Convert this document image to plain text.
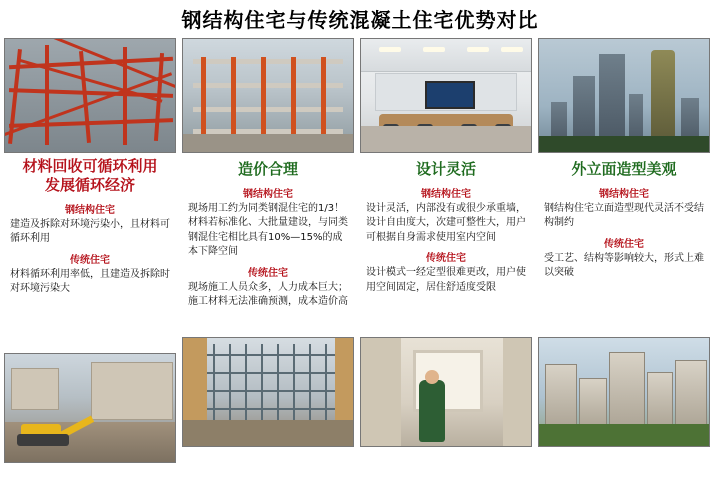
钢结构住宅与传统混凝土住宅优势对比
材料回收可循环利用
发展循环经济
钢结构住宅
建造及拆除对环境污染小，且材料可循环利用
传统住宅
材料循环利用率低，且建造及拆除时对环境污染大
造价合理
钢结构住宅
现场用工约为同类钢混住宅的1/3！材料若标准化、大批量建设，与同类钢混住宅相比具有10%—15%的成本下降空间
传统住宅
现场施工人员众多，人力成本巨大；施工材料无法准确预测，成本造价高
设计灵活
钢结构住宅
设计灵活，内部没有或很少承重墙，设计自由度大，次建可整性大，用户可根据自身需求使用室内空间
传统住宅
设计模式一经定型很难更改，用户使用空间固定，居住舒适度受限
外立面造型美观
钢结构住宅
钢结构住宅立面造型现代灵活不受结构制约
传统住宅
受工艺、结构等影响较大，形式上难以突破
